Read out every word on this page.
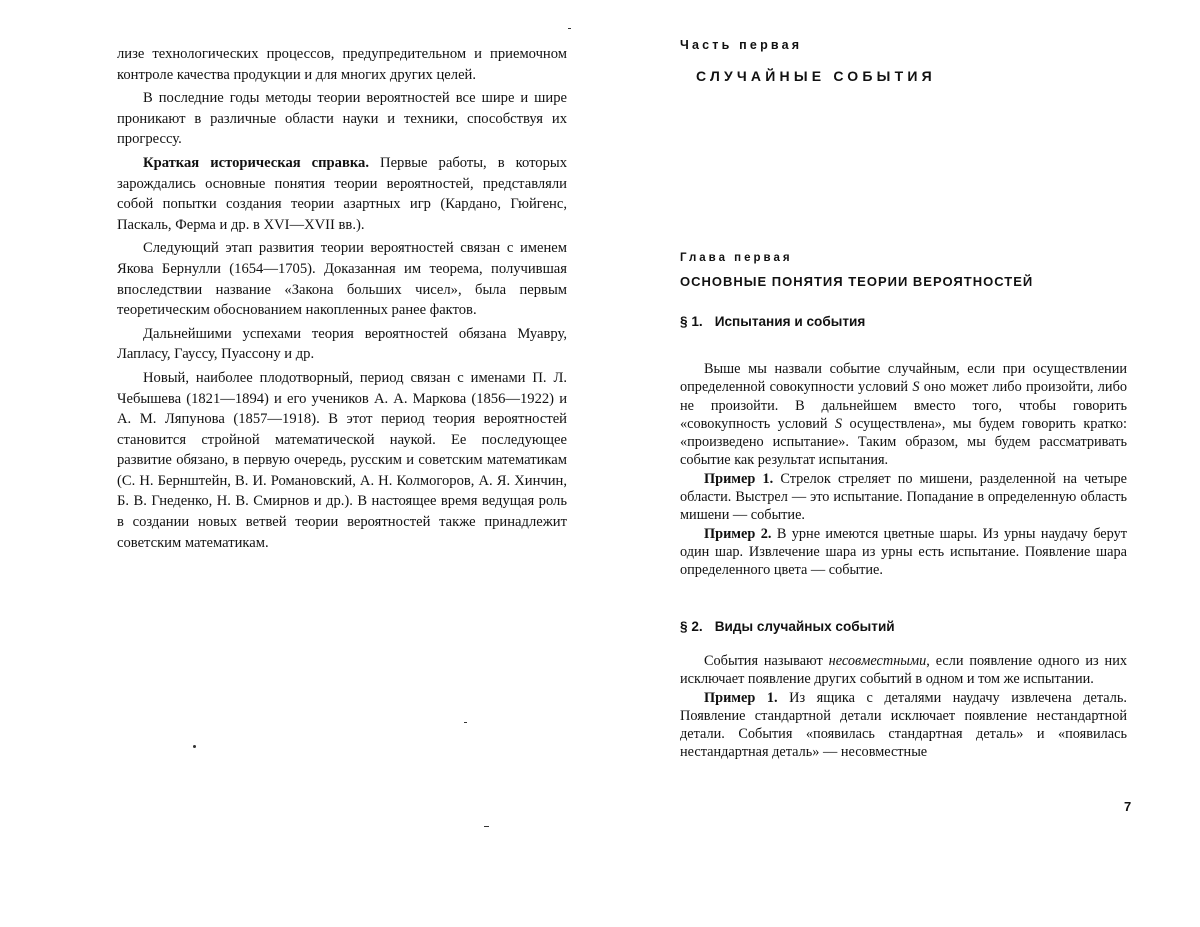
лизе технологических процессов, предупредительном и приемочном контроле качества продукции и для многих других целей.

В последние годы методы теории вероятностей все шире и шире проникают в различные области науки и техники, способствуя их прогрессу.

Краткая историческая справка. Первые работы, в которых зарождались основные понятия теории вероятностей, представляли собой попытки создания теории азартных игр (Кардано, Гюйгенс, Паскаль, Ферма и др. в XVI—XVII вв.).

Следующий этап развития теории вероятностей связан с именем Якова Бернулли (1654—1705). Доказанная им теорема, получившая впоследствии название «Закона больших чисел», была первым теоретическим обоснованием накопленных ранее фактов.

Дальнейшими успехами теория вероятностей обязана Муавру, Лапласу, Гауссу, Пуассону и др.

Новый, наиболее плодотворный, период связан с именами П. Л. Чебышева (1821—1894) и его учеников А. А. Маркова (1856—1922) и А. М. Ляпунова (1857—1918). В этот период теория вероятностей становится стройной математической наукой. Ее последующее развитие обязано, в первую очередь, русским и советским математикам (С. Н. Бернштейн, В. И. Романовский, А. Н. Колмогоров, А. Я. Хинчин, Б. В. Гнеденко, Н. В. Смирнов и др.). В настоящее время ведущая роль в создании новых ветвей теории вероятностей также принадлежит советским математикам.

Часть первая
СЛУЧАЙНЫЕ СОБЫТИЯ
Глава первая
ОСНОВНЫЕ ПОНЯТИЯ ТЕОРИИ ВЕРОЯТНОСТЕЙ
§ 1. Испытания и события

Выше мы назвали событие случайным, если при осуществлении определенной совокупности условий S оно может либо произойти, либо не произойти. В дальнейшем вместо того, чтобы говорить «совокупность условий S осуществлена», мы будем говорить кратко: «произведено испытание». Таким образом, мы будем рассматривать событие как результат испытания.

Пример 1. Стрелок стреляет по мишени, разделенной на четыре области. Выстрел — это испытание. Попадание в определенную область мишени — событие.

Пример 2. В урне имеются цветные шары. Из урны наудачу берут один шар. Извлечение шара из урны есть испытание. Появление шара определенного цвета — событие.

§ 2. Виды случайных событий

События называют несовместными, если появление одного из них исключает появление других событий в одном и том же испытании.

Пример 1. Из ящика с деталями наудачу извлечена деталь. Появление стандартной детали исключает появление нестандартной детали. События «появилась стандартная деталь» и «появилась нестандартная деталь» — несовместные

7
